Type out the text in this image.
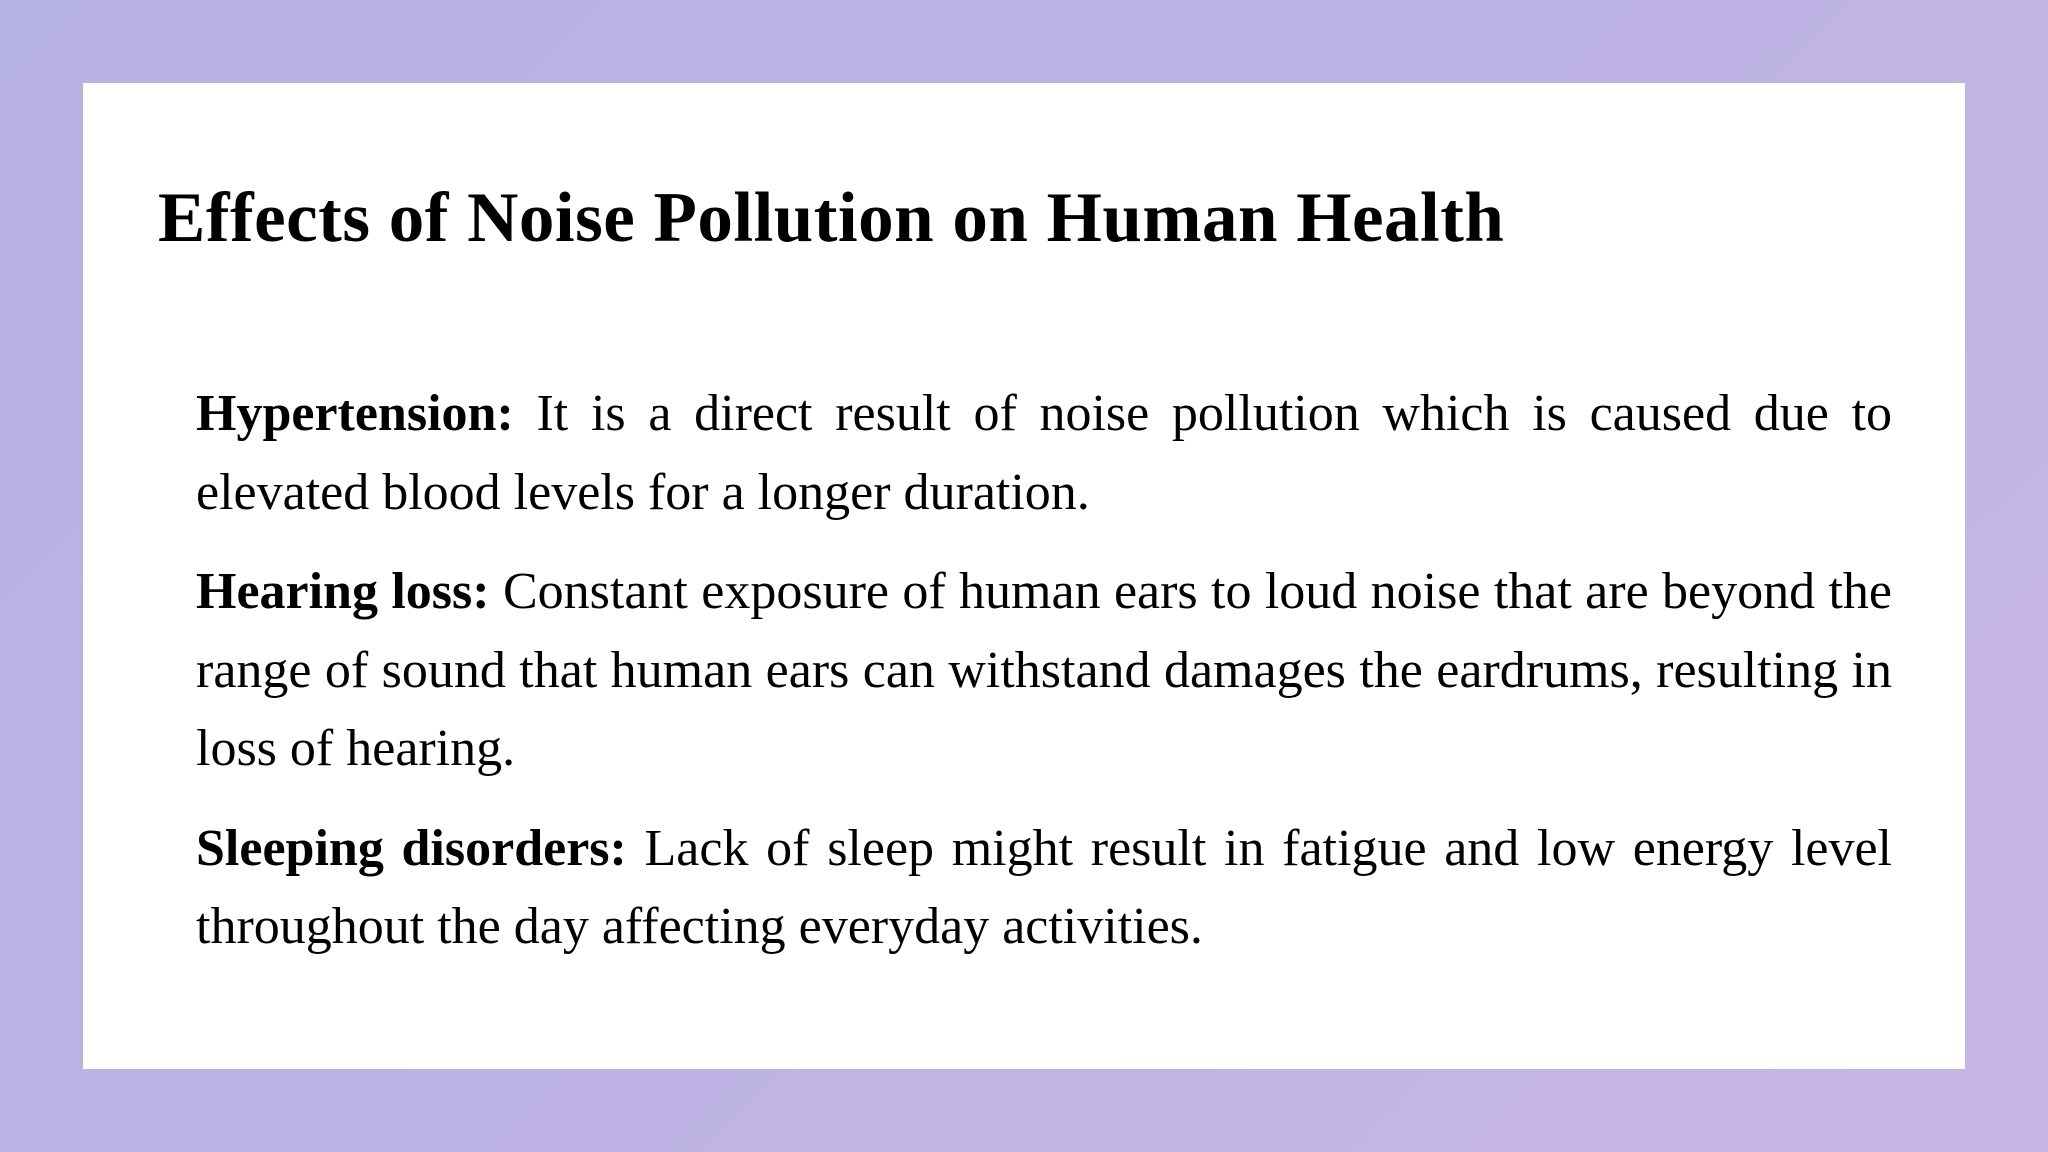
Effects of Noise Pollution on Human Health

Hypertension: It is a direct result of noise pollution which is caused due to elevated blood levels for a longer duration.

Hearing loss: Constant exposure of human ears to loud noise that are beyond the range of sound that human ears can withstand damages the eardrums, resulting in loss of hearing.

Sleeping disorders: Lack of sleep might result in fatigue and low energy level throughout the day affecting everyday activities.
